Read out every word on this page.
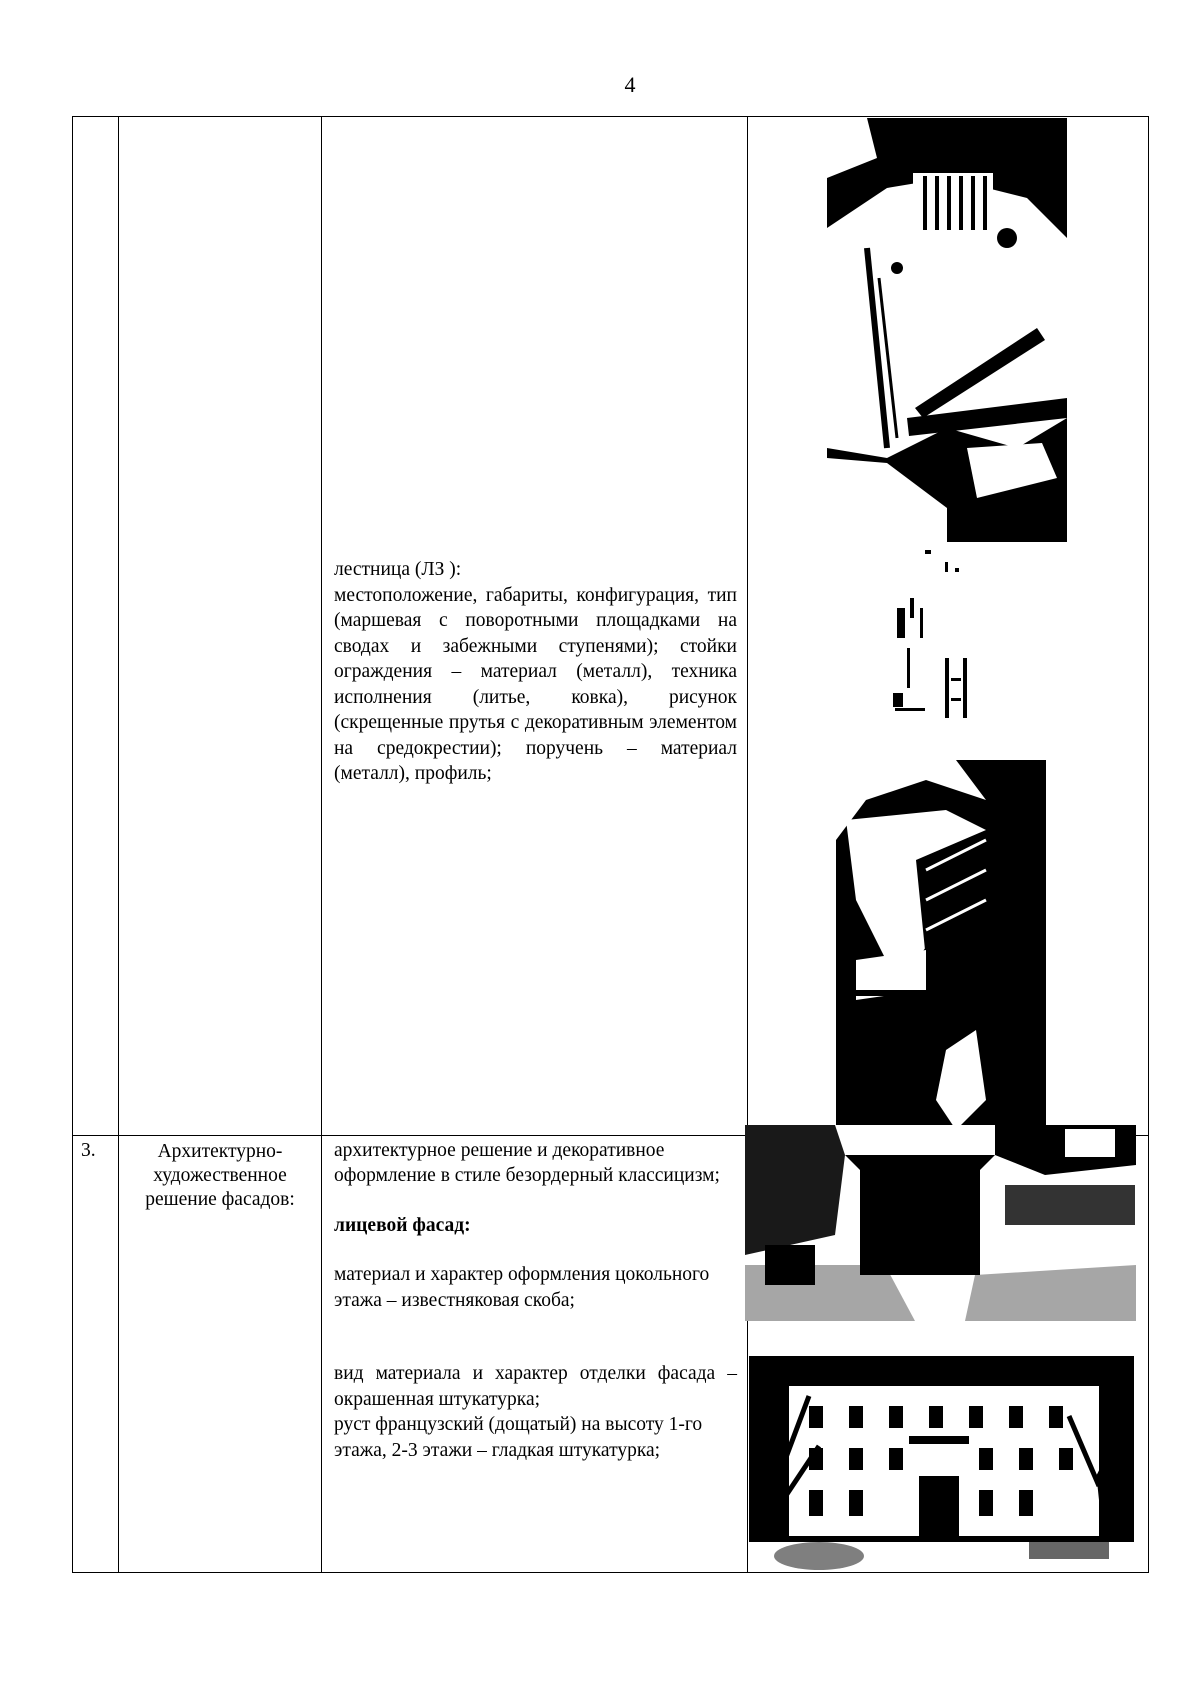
4

		лестница (ЛЗ ):
местоположение, габариты, конфигурация, тип (маршевая с поворотными площадками на сводах и забежными ступенями); стойки ограждения – материал (металл), техника исполнения (литье, ковка), рисунок (скрещенные прутья с декоративным элементом на средокрестии); поручень – материал (металл), профиль;	

3.	Архитектурно-художественное решение фасадов:	архитектурное решение и декоративное оформление в стиле безордерный классицизм;
лицевой фасад:
материал и характер оформления цокольного этажа – известняковая скоба;
вид материала и характер отделки фасада – окрашенная штукатурка;
руст французский (дощатый) на высоту 1-го этажа, 2-3 этажи – гладкая штукатурка;	
